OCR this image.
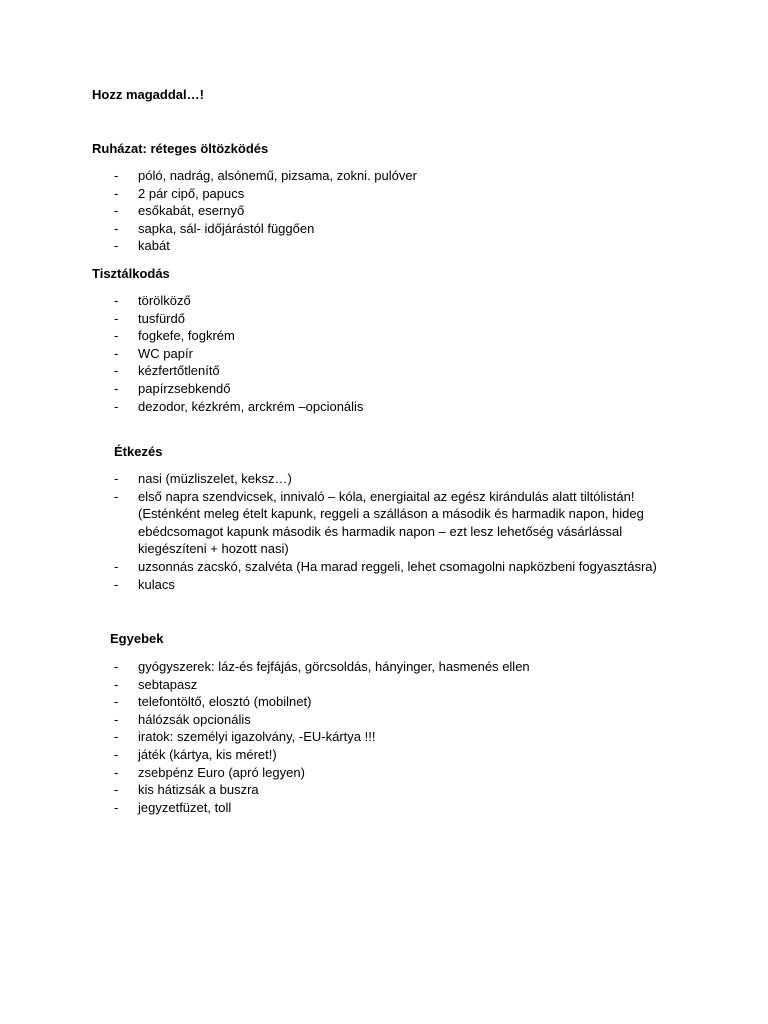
Hozz magaddal…!
Ruházat: réteges öltözködés
- póló, nadrág, alsónemű, pizsama, zokni. pulóver
- 2 pár cipő, papucs
- esőkabát, esernyő
- sapka, sál- időjárástól függően
- kabát
Tisztálkodás
- törölköző
- tusfürdő
- fogkefe, fogkrém
- WC papír
- kézfertőtlenítő
- papírzsebkendő
- dezodor, kézkrém, arckrém –opcionális
Étkezés
- nasi (müzliszelet, keksz…)
- első napra szendvicsek, innivaló – kóla, energiaital az egész kirándulás alatt tiltólistán! (Esténként meleg ételt kapunk, reggeli a szálláson a második és harmadik napon, hideg ebédcsomagot kapunk második és harmadik napon – ezt lesz lehetőség vásárlással kiegészíteni + hozott nasi)
- uzsonnás zacskó, szalvéta (Ha marad reggeli, lehet csomagolni napközbeni fogyasztásra)
- kulacs
Egyebek
- gyógyszerek: láz-és fejfájás, görcsoldás, hányinger, hasmenés ellen
- sebtapasz
- telefontöltő, elosztó (mobilnet)
- hálózsák opcionális
- iratok: személyi igazolvány, -EU-kártya !!!
- játék (kártya, kis méret!)
- zsebpénz Euro (apró legyen)
- kis hátizsák a buszra
- jegyzetfüzet, toll
